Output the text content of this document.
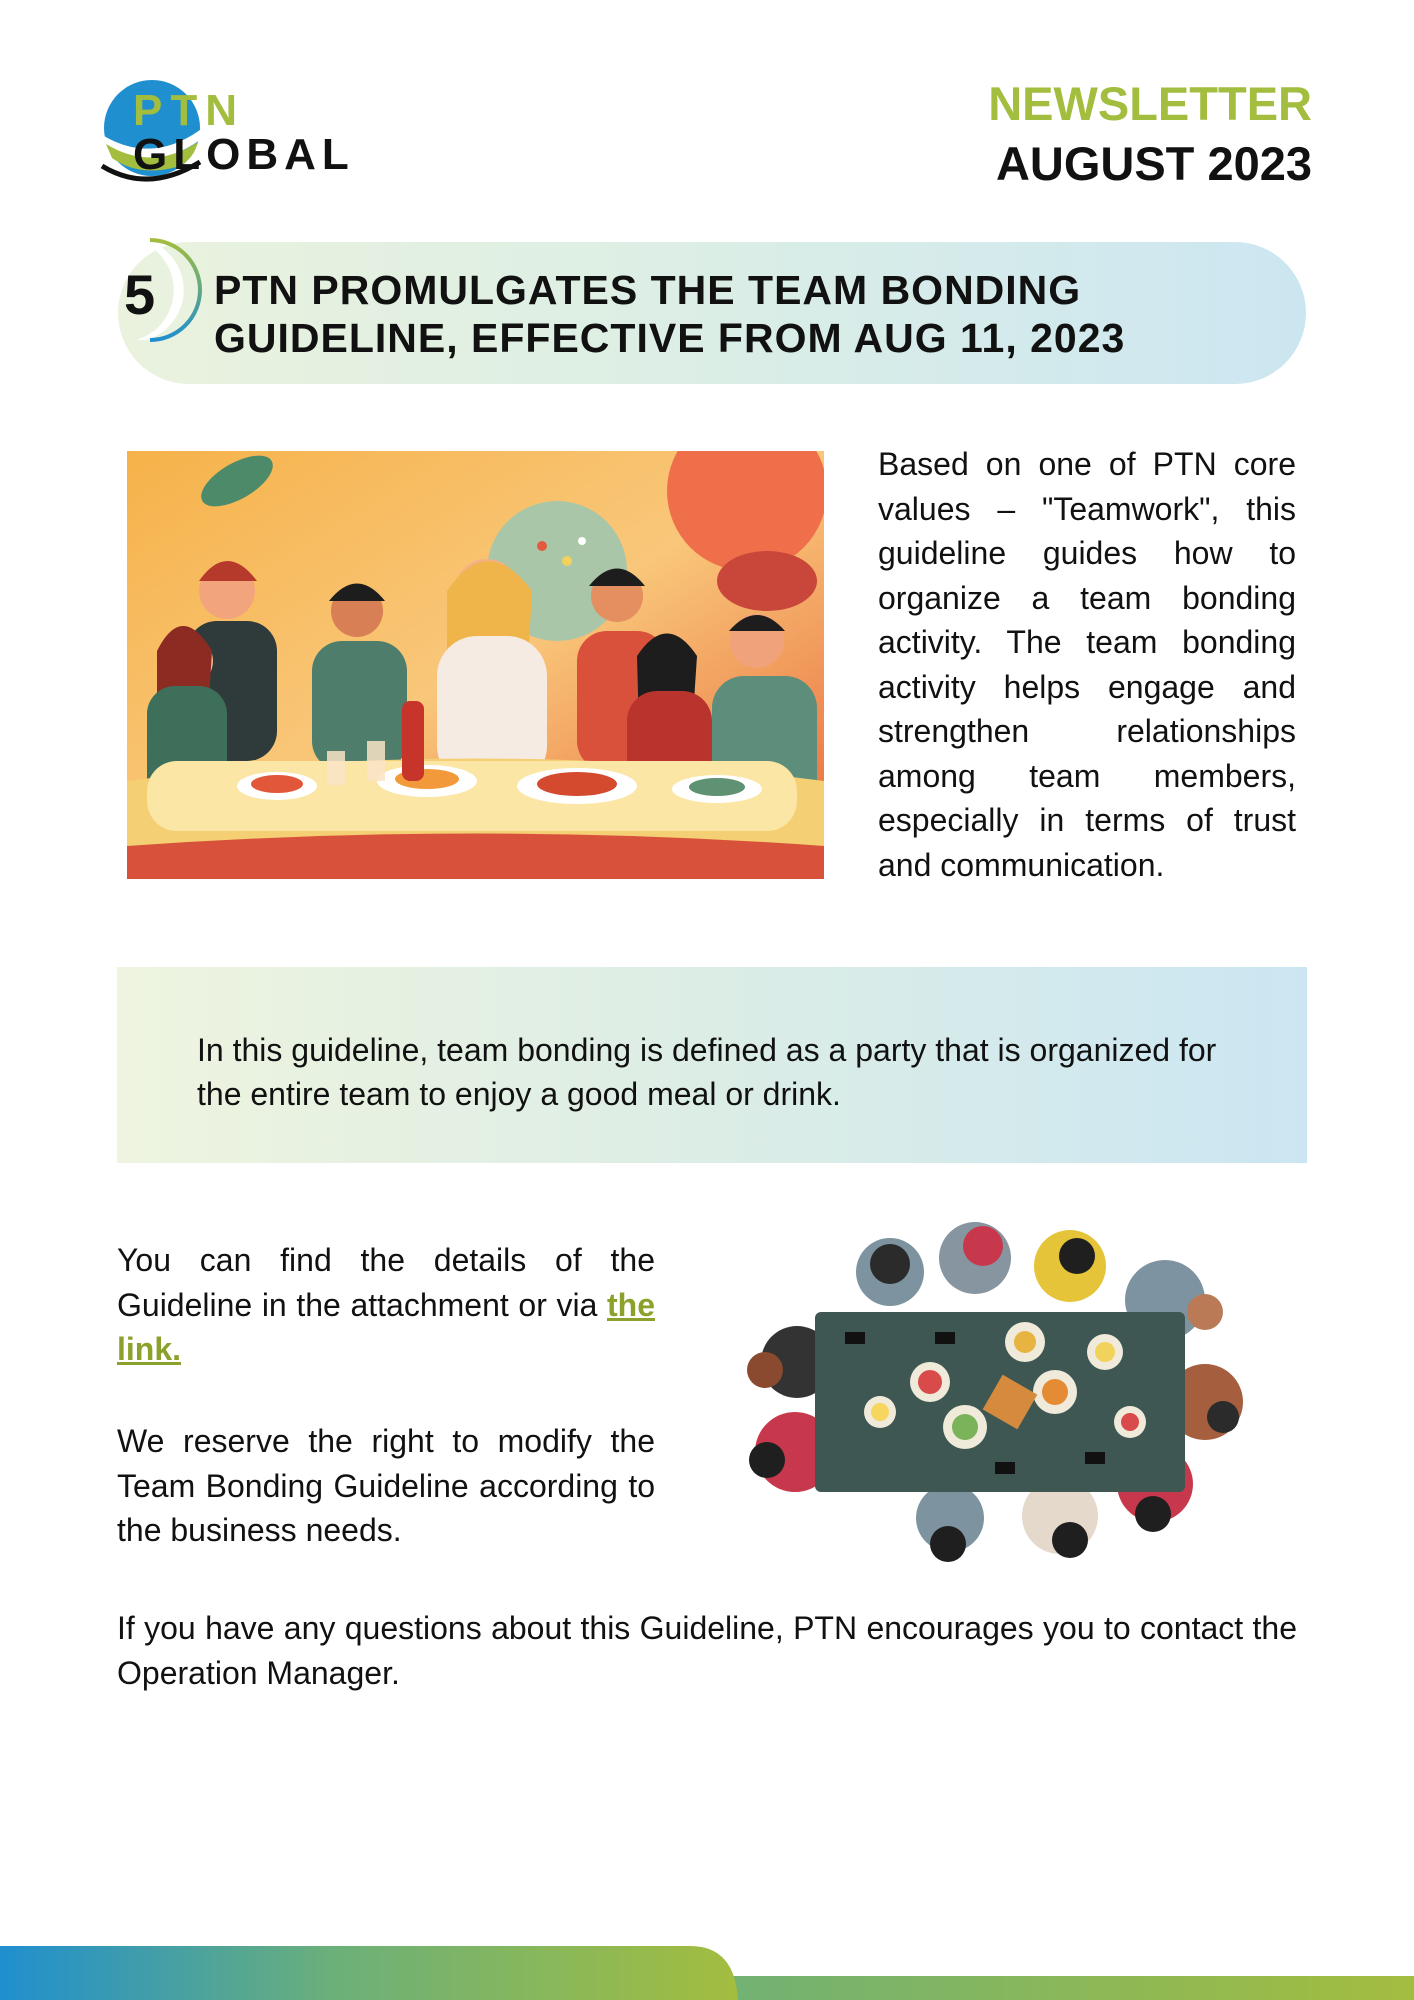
PTN
GLOBAL
NEWSLETTER
AUGUST 2023
5 PTN PROMULGATES THE TEAM BONDING
GUIDELINE, EFFECTIVE FROM AUG 11, 2023
Based on one of PTN core values – "Teamwork", this guideline guides how to organize a team bonding activity. The team bonding activity helps engage and strengthen relationships among team members, especially in terms of trust and communication.
In this guideline, team bonding is defined as a party that is organized for the entire team to enjoy a good meal or drink.
You can find the details of the Guideline in the attachment or via the link.
We reserve the right to modify the Team Bonding Guideline according to the business needs.
If you have any questions about this Guideline, PTN encourages you to contact the Operation Manager.
